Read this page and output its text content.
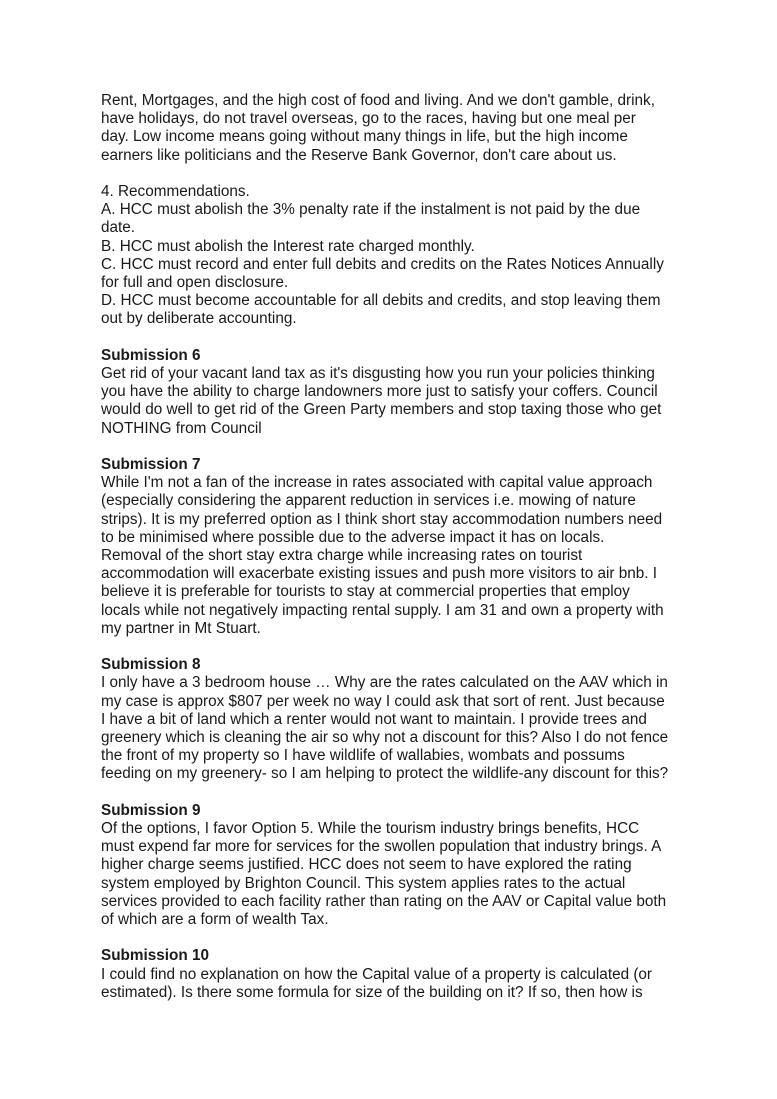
Rent, Mortgages, and the high cost of food and living. And we don't gamble, drink,
have holidays, do not travel overseas, go to the races, having but one meal per
day. Low income means going without many things in life, but the high income
earners like politicians and the Reserve Bank Governor, don't care about us.
4. Recommendations.
A. HCC must abolish the 3% penalty rate if the instalment is not paid by the due
date.
B. HCC must abolish the Interest rate charged monthly.
C. HCC must record and enter full debits and credits on the Rates Notices Annually
for full and open disclosure.
D. HCC must become accountable for all debits and credits, and stop leaving them
out by deliberate accounting.
Submission 6
Get rid of your vacant land tax as it's disgusting how you run your policies thinking
you have the ability to charge landowners more just to satisfy your coffers. Council
would do well to get rid of the Green Party members and stop taxing those who get
NOTHING from Council
Submission 7
While I'm not a fan of the increase in rates associated with capital value approach
(especially considering the apparent reduction in services i.e. mowing of nature
strips). It is my preferred option as I think short stay accommodation numbers need
to be minimised where possible due to the adverse impact it has on locals.
Removal of the short stay extra charge while increasing rates on tourist
accommodation will exacerbate existing issues and push more visitors to air bnb. I
believe it is preferable for tourists to stay at commercial properties that employ
locals while not negatively impacting rental supply. I am 31 and own a property with
my partner in Mt Stuart.
Submission 8
I only have a 3 bedroom house … Why are the rates calculated on the AAV which in
my case is approx $807 per week no way I could ask that sort of rent. Just because
I have a bit of land which a renter would not want to maintain. I provide trees and
greenery which is cleaning the air so why not a discount for this? Also I do not fence
the front of my property so I have wildlife of wallabies, wombats and possums
feeding on my greenery- so I am helping to protect the wildlife-any discount for this?
Submission 9
Of the options, I favor Option 5. While the tourism industry brings benefits, HCC
must expend far more for services for the swollen population that industry brings. A
higher charge seems justified. HCC does not seem to have explored the rating
system employed by Brighton Council. This system applies rates to the actual
services provided to each facility rather than rating on the AAV or Capital value both
of which are a form of wealth Tax.
Submission 10
I could find no explanation on how the Capital value of a property is calculated (or
estimated). Is there some formula for size of the building on it? If so, then how is
